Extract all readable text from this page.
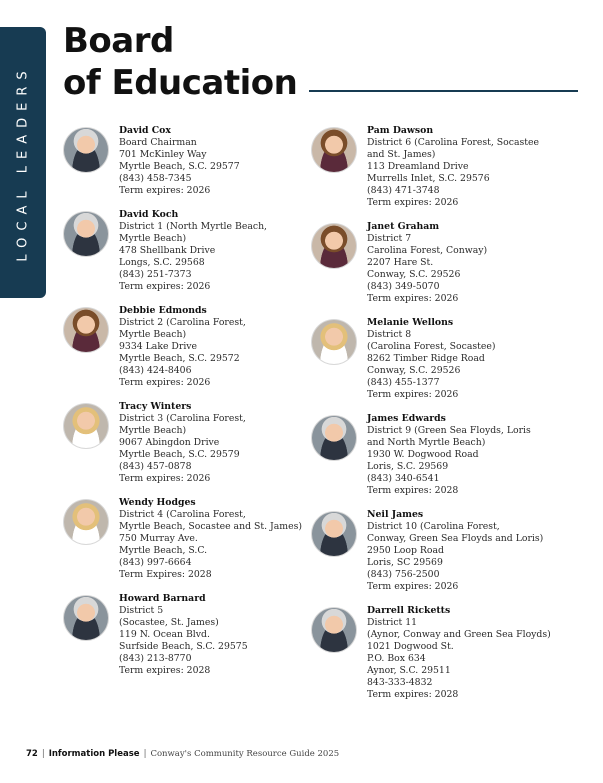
LOCAL LEADERS
Board
of Education
David Cox
Board Chairman
701 McKinley Way
Myrtle Beach, S.C. 29577
(843) 458-7345
Term expires: 2026
David Koch
District 1 (North Myrtle Beach,
Myrtle Beach)
478 Shellbank Drive
Longs, S.C. 29568
(843) 251-7373
Term expires: 2026
Debbie Edmonds
District 2 (Carolina Forest,
Myrtle Beach)
9334 Lake Drive
Myrtle Beach, S.C. 29572
(843) 424-8406
Term expires: 2026
Tracy Winters
District 3 (Carolina Forest,
Myrtle Beach)
9067 Abingdon Drive
Myrtle Beach, S.C. 29579
(843) 457-0878
Term expires: 2026
Wendy Hodges
District 4 (Carolina Forest,
Myrtle Beach, Socastee and St. James)
750 Murray Ave.
Myrtle Beach, S.C.
(843) 997-6664
Term Expires: 2028
Howard Barnard
District 5
(Socastee, St. James)
119 N. Ocean Blvd.
Surfside Beach, S.C. 29575
(843) 213-8770
Term expires: 2028
Pam Dawson
District 6 (Carolina Forest, Socastee
and St. James)
113 Dreamland Drive
Murrells Inlet, S.C. 29576
(843) 471-3748
Term expires: 2026
Janet Graham
District 7
Carolina Forest, Conway)
2207 Hare St.
Conway, S.C. 29526
(843) 349-5070
Term expires: 2026
Melanie Wellons
District 8
(Carolina Forest, Socastee)
8262 Timber Ridge Road
Conway, S.C. 29526
(843) 455-1377
Term expires: 2026
James Edwards
District 9 (Green Sea Floyds, Loris
and North Myrtle Beach)
1930 W. Dogwood Road
Loris, S.C. 29569
(843) 340-6541
Term expires: 2028
Neil James
District 10 (Carolina Forest,
Conway, Green Sea Floyds and Loris)
2950 Loop Road
Loris, SC 29569
(843) 756-2500
Term expires: 2026
Darrell Ricketts
District 11
(Aynor, Conway and Green Sea Floyds)
1021 Dogwood St.
P.O. Box 634
Aynor, S.C. 29511
843-333-4832
Term expires: 2028
72 | Information Please | Conway's Community Resource Guide 2025
